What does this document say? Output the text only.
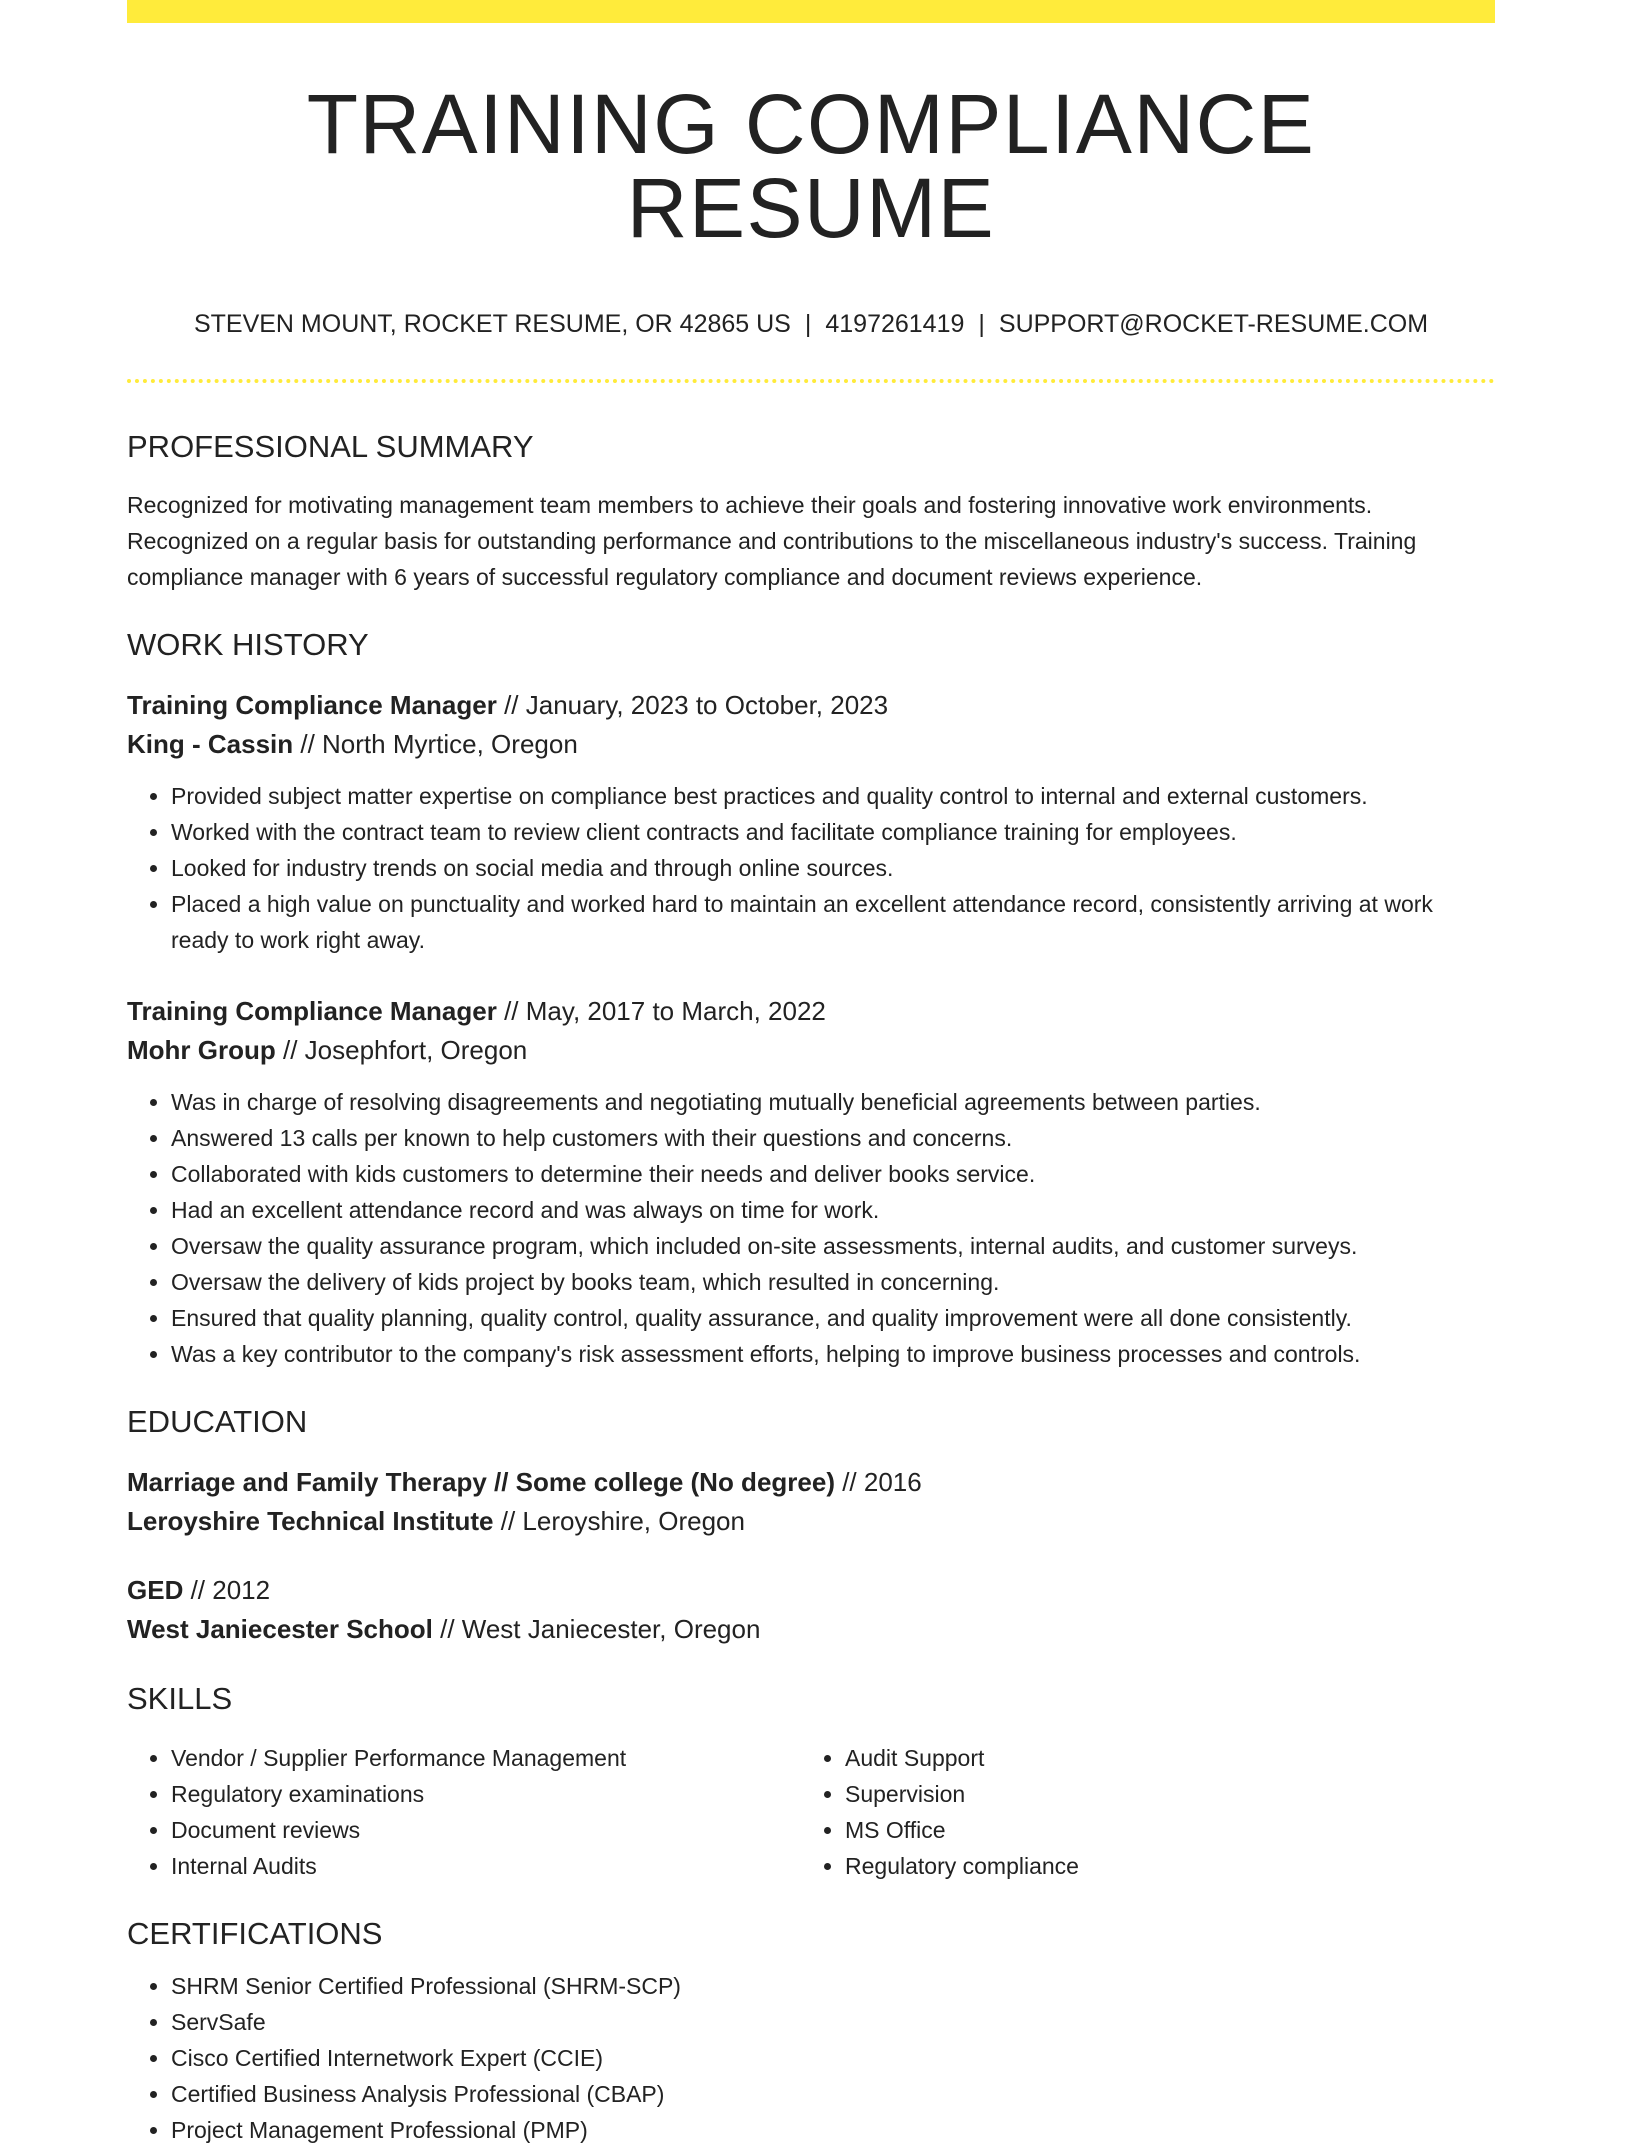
TRAINING COMPLIANCE RESUME
STEVEN MOUNT, ROCKET RESUME, OR 42865 US | 4197261419 | SUPPORT@ROCKET-RESUME.COM
PROFESSIONAL SUMMARY

Recognized for motivating management team members to achieve their goals and fostering innovative work environments. Recognized on a regular basis for outstanding performance and contributions to the miscellaneous industry's success. Training compliance manager with 6 years of successful regulatory compliance and document reviews experience.

WORK HISTORY
Training Compliance Manager // January, 2023 to October, 2023
King - Cassin // North Myrtice, Oregon
• Provided subject matter expertise on compliance best practices and quality control to internal and external customers.
• Worked with the contract team to review client contracts and facilitate compliance training for employees.
• Looked for industry trends on social media and through online sources.
• Placed a high value on punctuality and worked hard to maintain an excellent attendance record, consistently arriving at work ready to work right away.
Training Compliance Manager // May, 2017 to March, 2022
Mohr Group // Josephfort, Oregon
• Was in charge of resolving disagreements and negotiating mutually beneficial agreements between parties.
• Answered 13 calls per known to help customers with their questions and concerns.
• Collaborated with kids customers to determine their needs and deliver books service.
• Had an excellent attendance record and was always on time for work.
• Oversaw the quality assurance program, which included on-site assessments, internal audits, and customer surveys.
• Oversaw the delivery of kids project by books team, which resulted in concerning.
• Ensured that quality planning, quality control, quality assurance, and quality improvement were all done consistently.
• Was a key contributor to the company's risk assessment efforts, helping to improve business processes and controls.
EDUCATION
Marriage and Family Therapy // Some college (No degree) // 2016
Leroyshire Technical Institute // Leroyshire, Oregon
GED // 2012
West Janiecester School // West Janiecester, Oregon
SKILLS
• Vendor / Supplier Performance Management
• Regulatory examinations
• Document reviews
• Internal Audits
• Audit Support
• Supervision
• MS Office
• Regulatory compliance
CERTIFICATIONS
• SHRM Senior Certified Professional (SHRM-SCP)
• ServSafe
• Cisco Certified Internetwork Expert (CCIE)
• Certified Business Analysis Professional (CBAP)
• Project Management Professional (PMP)
